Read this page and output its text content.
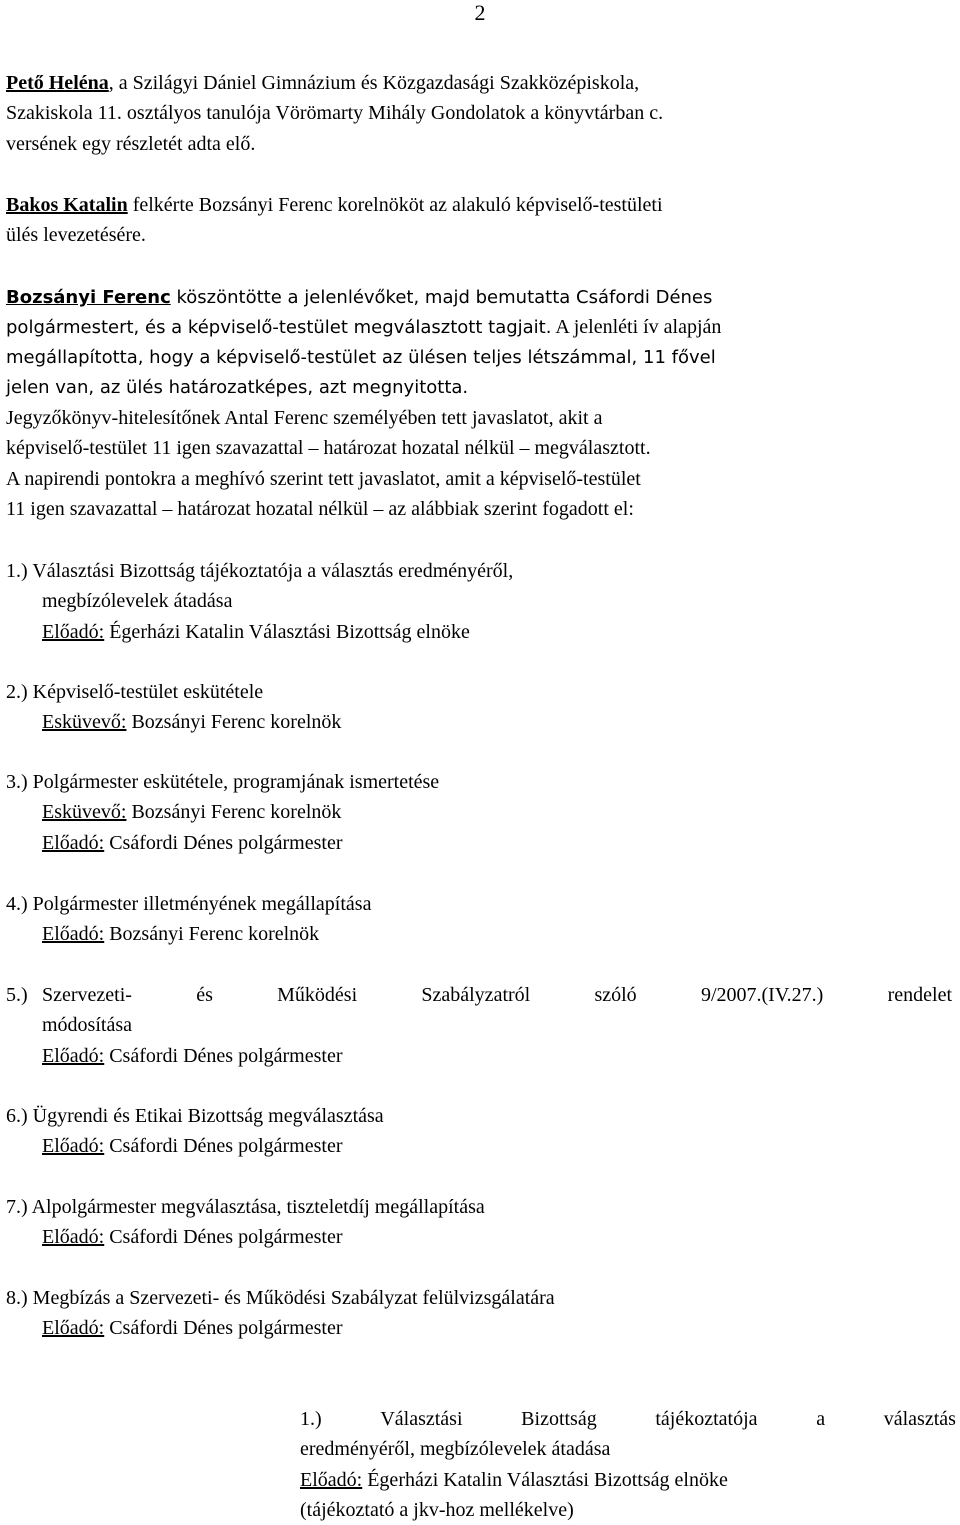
2
Pető Heléna, a Szilágyi Dániel Gimnázium és Közgazdasági Szakközépiskola,
Szakiskola 11. osztályos tanulója Vörömarty Mihály Gondolatok a könyvtárban c.
versének egy részletét adta elő.
Bakos Katalin felkérte Bozsányi Ferenc korelnököt az alakuló képviselő-testületi
ülés levezetésére.
Bozsányi Ferenc köszöntötte a jelenlévőket, majd bemutatta Csáfordi Dénes
polgármestert, és a képviselő-testület megválasztott tagjait. A jelenléti ív alapján
megállapította, hogy a képviselő-testület az ülésen teljes létszámmal, 11 fővel
jelen van, az ülés határozatképes, azt megnyitotta.
Jegyzőkönyv-hitelesítőnek Antal Ferenc személyében tett javaslatot, akit a
képviselő-testület 11 igen szavazattal – határozat hozatal nélkül – megválasztott.
A napirendi pontokra a meghívó szerint tett javaslatot, amit a képviselő-testület
11 igen szavazattal – határozat hozatal nélkül – az alábbiak szerint fogadott el:
1.) Választási Bizottság tájékoztatója a választás eredményéről,
megbízólevelek átadása
Előadó: Égerházi Katalin Választási Bizottság elnöke
2.) Képviselő-testület eskütétele
Esküvevő: Bozsányi Ferenc korelnök
3.) Polgármester eskütétele, programjának ismertetése
Esküvevő: Bozsányi Ferenc korelnök
Előadó: Csáfordi Dénes polgármester
4.) Polgármester illetményének megállapítása
Előadó: Bozsányi Ferenc korelnök
5.) Szervezeti-	és	Működési	Szabályzatról	szóló	9/2007.(IV.27.)	rendelet
módosítása
Előadó: Csáfordi Dénes polgármester
6.) Ügyrendi és Etikai Bizottság megválasztása
Előadó: Csáfordi Dénes polgármester
7.) Alpolgármester megválasztása, tiszteletdíj megállapítása
Előadó: Csáfordi Dénes polgármester
8.) Megbízás a Szervezeti- és Működési Szabályzat felülvizsgálatára
Előadó: Csáfordi Dénes polgármester
1.)	Választási	Bizottság	tájékoztatója	a	választás
eredményéről, megbízólevelek átadása
Előadó: Égerházi Katalin Választási Bizottság elnöke
(tájékoztató a jkv-hoz mellékelve)
